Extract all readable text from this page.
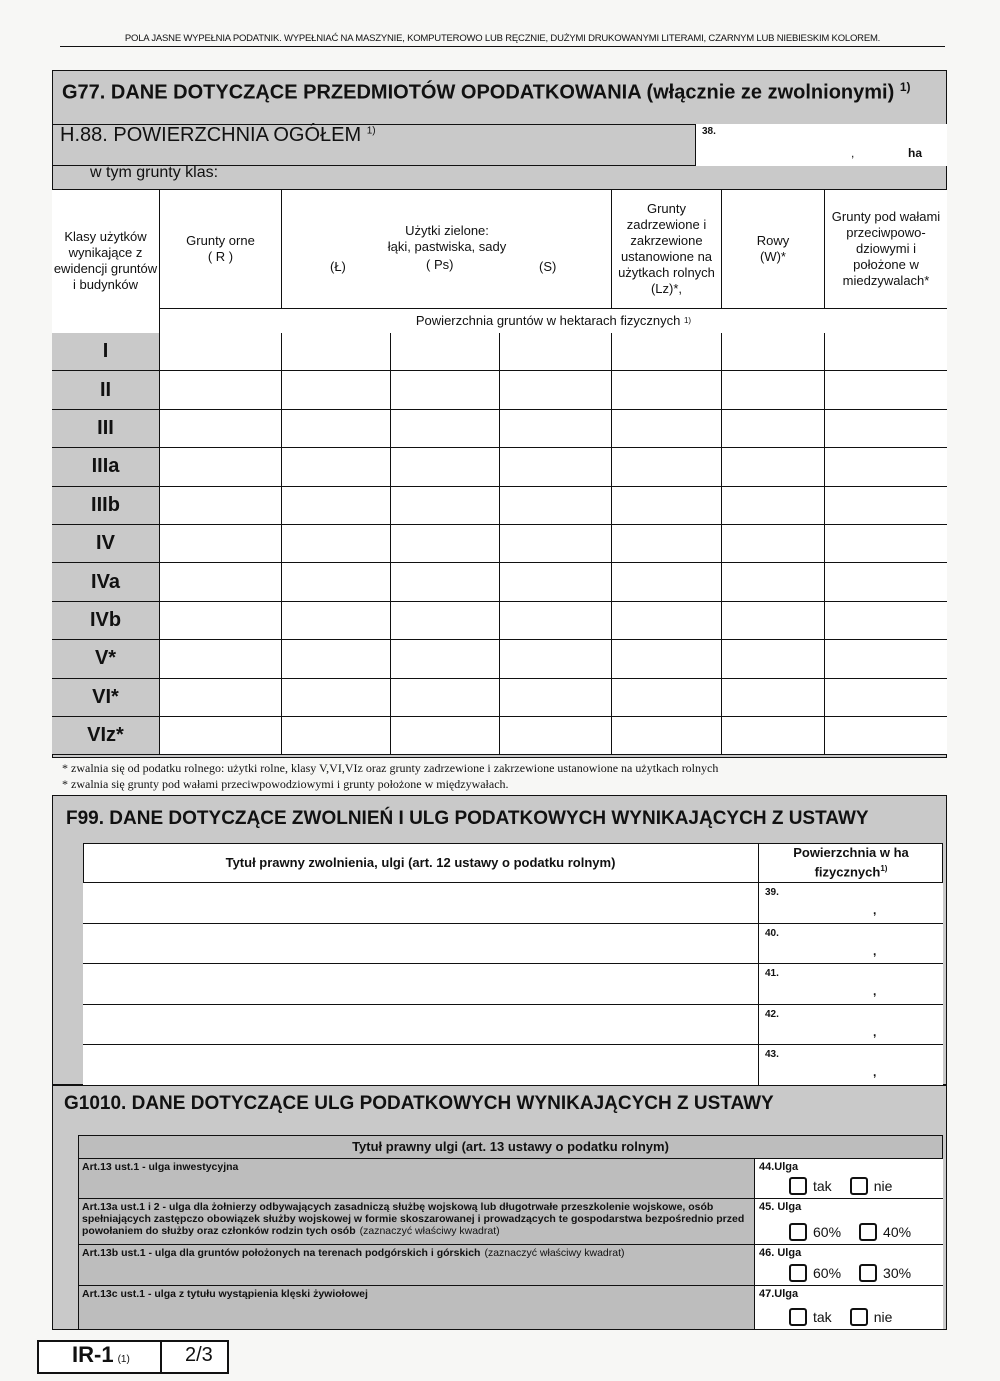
POLA JASNE WYPEŁNIA PODATNIK. WYPEŁNIAĆ NA MASZYNIE, KOMPUTEROWO LUB RĘCZNIE, DUŻYMI DRUKOWANYMI LITERAMI, CZARNYM LUB NIEBIESKIM KOLOREM.
G77. DANE DOTYCZĄCE PRZEDMIOTÓW OPODATKOWANIA (włącznie ze zwolnionymi) $^{1)}$
H.88. POWIERZCHNIA OGÓŁEM $^{1)}$	38.
,	ha
w tym grunty klas:
Klasy użytków wynikające z ewidencji gruntów i budynków
Grunty orne
( R )
Użytki zielone:
łąki, pastwiska, sady
(Ł)	( Ps)	(S)
Grunty zadrzewione i zakrzewione ustanowione na użytkach rolnych
(Lz)*,
Rowy
(W)*
Grunty pod wałami przeciwpowo- dziowymi i położone w miedzywalach*
Powierzchnia gruntów w hektarach fizycznych
1)
I
II
III
IIIa
IIIb
IV
IVa
IVb
V*
VI*
VIz*
* zwalnia się od podatku rolnego: użytki rolne, klasy V,VI,VIz oraz grunty zadrzewione i zakrzewione ustanowione na użytkach rolnych
* zwalnia się grunty pod wałami przeciwpowodziowymi i grunty położone w międzywałach.
F99. DANE DOTYCZĄCE ZWOLNIEŃ I ULG PODATKOWYCH WYNIKAJĄCYCH Z USTAWY
Tytuł prawny zwolnienia, ulgi (art. 12 ustawy o podatku rolnym)
Powierzchnia w ha fizycznych$^{1)}$
39.
,
40.
,
41.
,
42.
,
43.
,
G1010. DANE DOTYCZĄCE ULG PODATKOWYCH WYNIKAJĄCYCH Z USTAWY
Tytuł prawny ulgi (art. 13 ustawy o podatku rolnym)
Art.13 ust.1 - ulga inwestycyjna	44.Ulga
tak	nie
Art.13a ust.1 i 2 - ulga dla żołnierzy odbywających zasadniczą służbę wojskową lub długotrwałe przeszkolenie wojskowe, osób spełniających zastępczo obowiązek służby wojskowej w formie skoszarowanej i prowadzących te gospodarstwa bezpośrednio przed powołaniem do służby oraz członków rodzin tych osób (zaznaczyć właściwy kwadrat)
45. Ulga
60%	40%
Art.13b ust.1 - ulga dla gruntów położonych na terenach podgórskich i górskich (zaznaczyć właściwy kwadrat)	46. Ulga
60%	30%
Art.13c ust.1 - ulga z tytułu wystąpienia klęski żywiołowej	47.Ulga
tak	nie
IR-1 (1)	2/3
